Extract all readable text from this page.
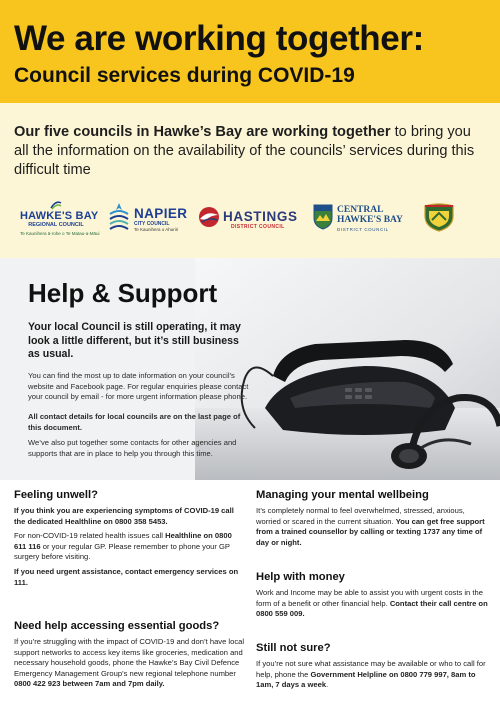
We are working together:
Council services during COVID-19

Our five councils in Hawke’s Bay are working together to bring you all the information on the availability of the councils’ services during this difficult time

HAWKE'S BAY
REGIONAL COUNCIL
Te Kaunihera ā-rohe o Te Matau-a-Māui
NAPIER
CITY COUNCIL
Te Kaunihera o Ahuriri
HASTINGS
DISTRICT COUNCIL
CENTRAL
HAWKE'S BAY
DISTRICT COUNCIL
Help & Support

Your local Council is still operating, it may look a little different, but it’s still business as usual.

You can find the most up to date information on your council’s website and Facebook page. For regular enquiries please contact your council by email - for more urgent information please phone.

All contact details for local councils are on the last page of this document.

We’ve also put together some contacts for other agencies and supports that are in place to help you through this time.

Feeling unwell?

If you think you are experiencing symptoms of COVID-19 call the dedicated Healthline on 0800 358 5453.

For non-COVID-19 related health issues call Healthline on 0800 611 116 or your regular GP. Please remember to phone your GP surgery before visiting.

If you need urgent assistance, contact emergency services on 111.

Need help accessing essential goods?

If you’re struggling with the impact of COVID-19 and don’t have local support networks to access key items like groceries, medication and necessary household goods, phone the Hawke’s Bay Civil Defence Emergency Management Group’s new regional telephone number 0800 422 923 between 7am and 7pm daily.

Managing your mental wellbeing

It’s completely normal to feel overwhelmed, stressed, anxious, worried or scared in the current situation. You can get free support from a trained counsellor by calling or texting 1737 any time of day or night.

Help with money

Work and Income may be able to assist you with urgent costs in the form of a benefit or other financial help. Contact their call centre on 0800 559 009.

Still not sure?

If you’re not sure what assistance may be available or who to call for help, phone the Government Helpline on 0800 779 997, 8am to 1am, 7 days a week.
